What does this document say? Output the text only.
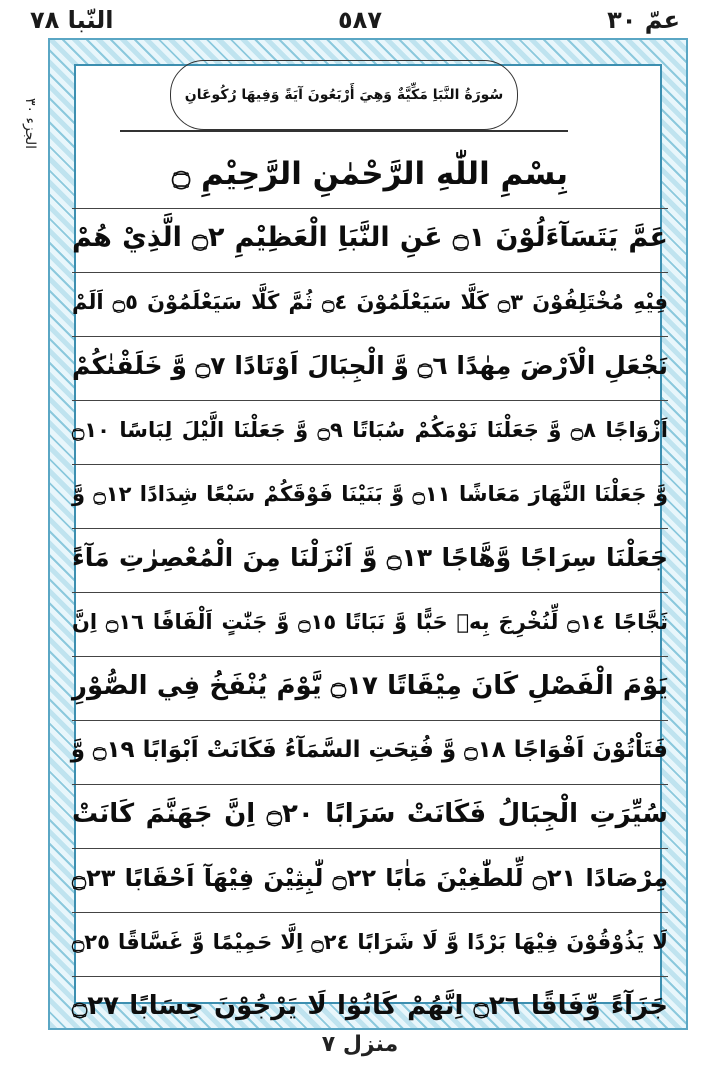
عمّ ٣٠
٥٨٧
النّبا ٧٨
الجزء ٣٠
سُورَةُ النَّبَاِ مَكِّيَّةٌ وَهِيَ أَرْبَعُونَ آيَةً وَفِيهَا رُكُوعَانِ
بِسْمِ اللّٰهِ الرَّحْمٰنِ الرَّحِيْمِ ۝
عَمَّ يَتَسَآءَلُوْنَ ۝١ عَنِ النَّبَاِ الْعَظِيْمِ ۝٢ الَّذِيْ هُمْ
فِيْهِ مُخْتَلِفُوْنَ ۝٣ كَلَّا سَيَعْلَمُوْنَ ۝٤ ثُمَّ كَلَّا سَيَعْلَمُوْنَ ۝٥ اَلَمْ
نَجْعَلِ الْاَرْضَ مِهٰدًا ۝٦ وَّ الْجِبَالَ اَوْتَادًا ۝٧ وَّ خَلَقْنٰكُمْ
اَزْوَاجًا ۝٨ وَّ جَعَلْنَا نَوْمَكُمْ سُبَاتًا ۝٩ وَّ جَعَلْنَا الَّيْلَ لِبَاسًا ۝١٠
وَّ جَعَلْنَا النَّهَارَ مَعَاشًا ۝١١ وَّ بَنَيْنَا فَوْقَكُمْ سَبْعًا شِدَادًا ۝١٢ وَّ
جَعَلْنَا سِرَاجًا وَّهَّاجًا ۝١٣ وَّ اَنْزَلْنَا مِنَ الْمُعْصِرٰتِ مَآءً
ثَجَّاجًا ۝١٤ لِّنُخْرِجَ بِهٖ حَبًّا وَّ نَبَاتًا ۝١٥ وَّ جَنّٰتٍ اَلْفَافًا ۝١٦ اِنَّ
يَوْمَ الْفَصْلِ كَانَ مِيْقَاتًا ۝١٧ يَّوْمَ يُنْفَخُ فِي الصُّوْرِ
فَتَاْتُوْنَ اَفْوَاجًا ۝١٨ وَّ فُتِحَتِ السَّمَآءُ فَكَانَتْ اَبْوَابًا ۝١٩ وَّ
سُيِّرَتِ الْجِبَالُ فَكَانَتْ سَرَابًا ۝٢٠ اِنَّ جَهَنَّمَ كَانَتْ
مِرْصَادًا ۝٢١ لِّلطّٰغِيْنَ مَاٰبًا ۝٢٢ لّٰبِثِيْنَ فِيْهَآ اَحْقَابًا ۝٢٣
لَا يَذُوْقُوْنَ فِيْهَا بَرْدًا وَّ لَا شَرَابًا ۝٢٤ اِلَّا حَمِيْمًا وَّ غَسَّاقًا ۝٢٥
جَزَآءً وِّفَاقًا ۝٢٦ اِنَّهُمْ كَانُوْا لَا يَرْجُوْنَ حِسَابًا ۝٢٧
منزل ٧
